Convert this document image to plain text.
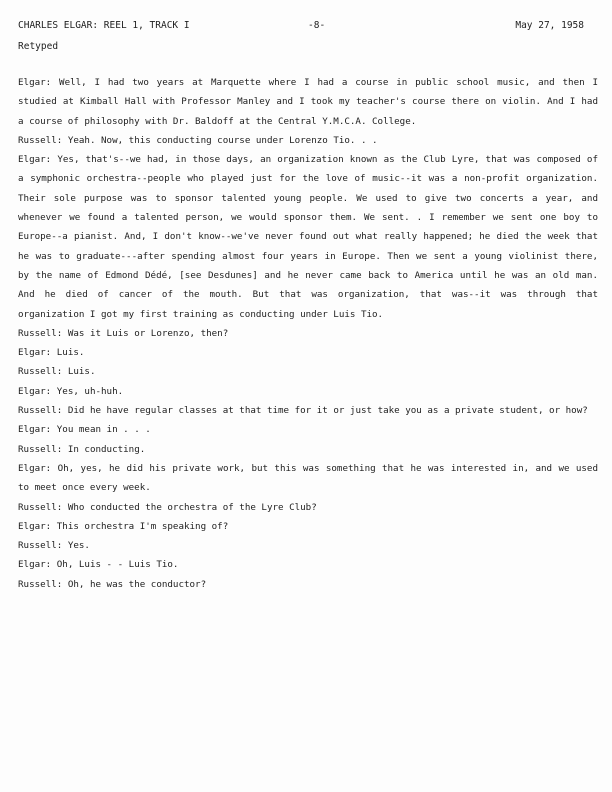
CHARLES ELGAR: REEL 1, TRACK I	-8-	May 27, 1958
Retyped

Elgar: Well, I had two years at Marquette where I had a course in public school music, and then I studied at Kimball Hall with Professor Manley and I took my teacher's course there on violin. And I had a course of philosophy with Dr. Baldoff at the Central Y.M.C.A. College.

Russell: Yeah. Now, this conducting course under Lorenzo Tio. . .

Elgar: Yes, that's--we had, in those days, an organization known as the Club Lyre, that was composed of a symphonic orchestra--people who played just for the love of music--it was a non-profit organization. Their sole purpose was to sponsor talented young people. We used to give two concerts a year, and whenever we found a talented person, we would sponsor them. We sent. . I remember we sent one boy to Europe--a pianist. And, I don't know--we've never found out what really happened; he died the week that he was to graduate---after spending almost four years in Europe. Then we sent a young violinist there, by the name of Edmond Dédé, [see Desdunes] and he never came back to America until he was an old man. And he died of cancer of the mouth. But that was organization, that was--it was through that organization I got my first training as conducting under Luis Tio.

Russell: Was it Luis or Lorenzo, then?

Elgar: Luis.

Russell: Luis.

Elgar: Yes, uh-huh.

Russell: Did he have regular classes at that time for it or just take you as a private student, or how?

Elgar: You mean in . . .

Russell: In conducting.

Elgar: Oh, yes, he did his private work, but this was something that he was interested in, and we used to meet once every week.

Russell: Who conducted the orchestra of the Lyre Club?

Elgar: This orchestra I'm speaking of?

Russell: Yes.

Elgar: Oh, Luis - - Luis Tio.

Russell: Oh, he was the conductor?
